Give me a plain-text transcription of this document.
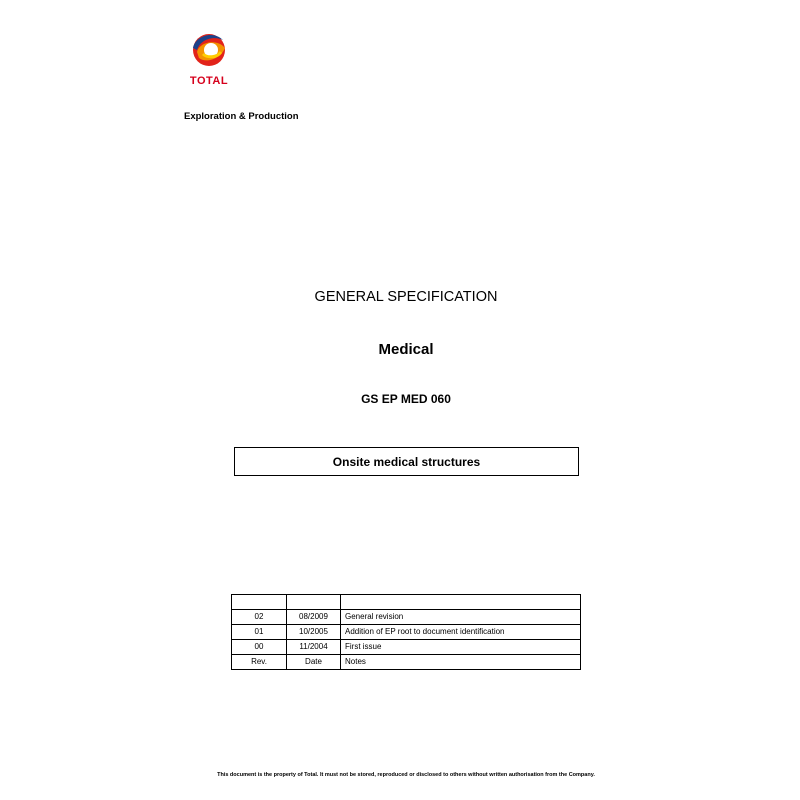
TOTAL
Exploration & Production
GENERAL SPECIFICATION
Medical
GS EP MED 060
Onsite medical structures

02	08/2009	General revision
01	10/2005	Addition of EP root to document identification
00	11/2004	First issue
Rev.	Date	Notes
This document is the property of Total. It must not be stored, reproduced or disclosed to others without written authorisation from the Company.
